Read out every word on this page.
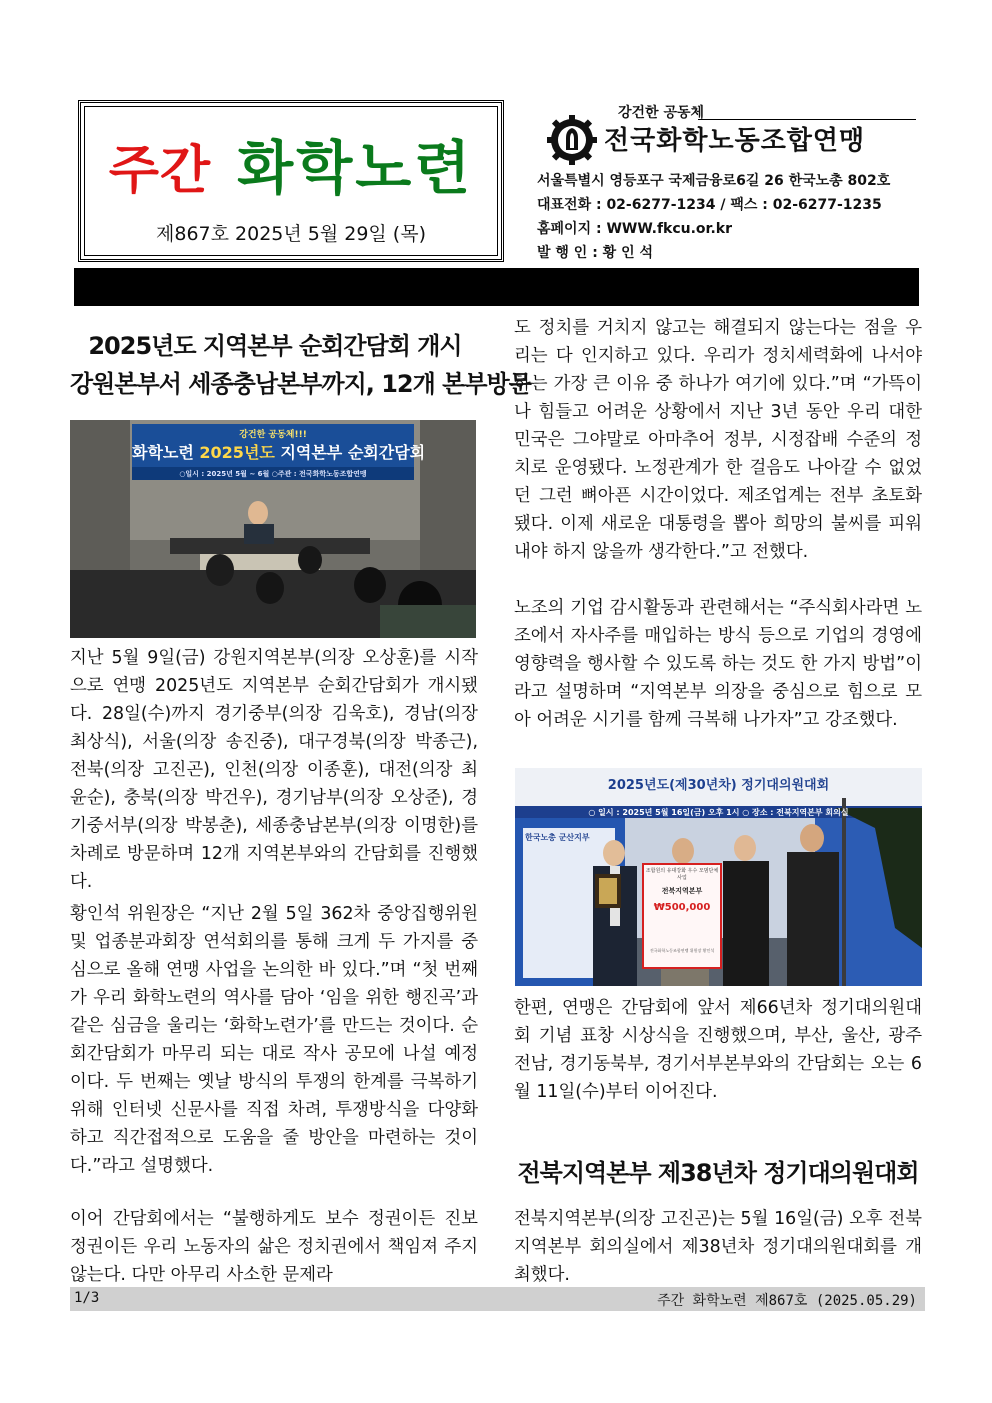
주간 화학노련
제867호 2025년 5월 29일 (목)
강건한 공동체
전국화학노동조합연맹
서울특별시 영등포구 국제금융로6길 26 한국노총 802호
대표전화 : 02-6277-1234 / 팩스 : 02-6277-1235
홈페이지 : WWW.fkcu.or.kr
발 행 인 : 황 인 석
2025년도 지역본부 순회간담회 개시
강원본부서 세종충남본부까지, 12개 본부방문
강건한 공동체!!!
화학노련 2025년도 지역본부 순회간담회
○일시 : 2025년 5월 ~ 6월 ○주관 : 전국화학노동조합연맹
지난 5월 9일(금) 강원지역본부(의장 오상훈)를 시작으로 연맹 2025년도 지역본부 순회간담회가 개시됐다. 28일(수)까지 경기중부(의장 김욱호), 경남(의장 최상식), 서울(의장 송진중), 대구경북(의장 박종근), 전북(의장 고진곤), 인천(의장 이종훈), 대전(의장 최윤순), 충북(의장 박건우), 경기남부(의장 오상준), 경기중서부(의장 박봉춘), 세종충남본부(의장 이명한)를 차례로 방문하며 12개 지역본부와의 간담회를 진행했다.
황인석 위원장은 “지난 2월 5일 362차 중앙집행위원 및 업종분과회장 연석회의를 통해 크게 두 가지를 중심으로 올해 연맹 사업을 논의한 바 있다.”며 “첫 번째가 우리 화학노련의 역사를 담아 ‘임을 위한 행진곡’과 같은 심금을 울리는 ‘화학노련가’를 만드는 것이다. 순회간담회가 마무리 되는 대로 작사 공모에 나설 예정이다. 두 번째는 옛날 방식의 투쟁의 한계를 극복하기 위해 인터넷 신문사를 직접 차려, 투쟁방식을 다양화하고 직간접적으로 도움을 줄 방안을 마련하는 것이다.”라고 설명했다.
이어 간담회에서는 “불행하게도 보수 정권이든 진보 정권이든 우리 노동자의 삶은 정치권에서 책임져 주지 않는다. 다만 아무리 사소한 문제라
도 정치를 거치지 않고는 해결되지 않는다는 점을 우리는 다 인지하고 있다. 우리가 정치세력화에 나서야 하는 가장 큰 이유 중 하나가 여기에 있다.”며 “가뜩이나 힘들고 어려운 상황에서 지난 3년 동안 우리 대한민국은 그야말로 아마추어 정부, 시정잡배 수준의 정치로 운영됐다. 노정관계가 한 걸음도 나아갈 수 없었던 그런 뼈아픈 시간이었다. 제조업계는 전부 초토화됐다. 이제 새로운 대통령을 뽑아 희망의 불씨를 피워내야 하지 않을까 생각한다.”고 전했다.
노조의 기업 감시활동과 관련해서는 “주식회사라면 노조에서 자사주를 매입하는 방식 등으로 기업의 경영에 영향력을 행사할 수 있도록 하는 것도 한 가지 방법”이라고 설명하며 “지역본부 의장을 중심으로 힘으로 모아 어려운 시기를 함께 극복해 나가자”고 강조했다.
2025년도(제30년차) 정기대의원대회
○ 일시 : 2025년 5월 16일(금) 오후 1시 ○ 장소 : 전북지역본부 회의실
한국노총 군산지부
조합원의 유대강화 우수 모범단체 사업
전북지역본부
₩500,000
전국화학노동조합연맹 위원장 황인석
한편, 연맹은 간담회에 앞서 제66년차 정기대의원대회 기념 표창 시상식을 진행했으며, 부산, 울산, 광주전남, 경기동북부, 경기서부본부와의 간담회는 오는 6월 11일(수)부터 이어진다.
전북지역본부 제38년차 정기대의원대회
전북지역본부(의장 고진곤)는 5월 16일(금) 오후 전북지역본부 회의실에서 제38년차 정기대의원대회를 개최했다.
1/3	주간 화학노련 제867호 (2025.05.29)
